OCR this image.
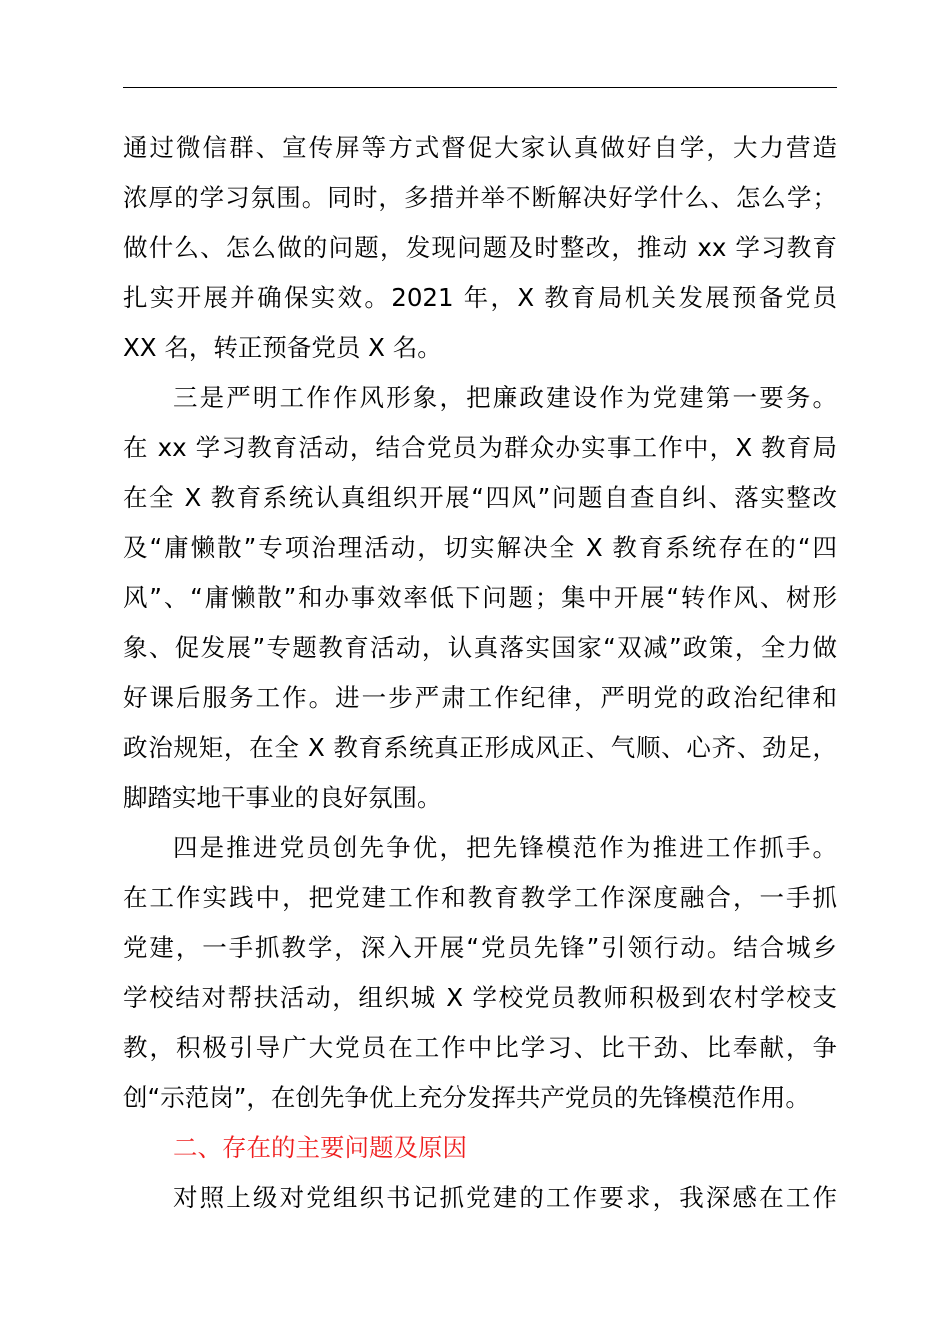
通过微信群、宣传屏等方式督促大家认真做好自学，大力营造
浓厚的学习氛围。同时，多措并举不断解决好学什么、怎么学；
做什么、怎么做的问题，发现问题及时整改，推动 xx 学习教育
扎实开展并确保实效。2021 年，X 教育局机关发展预备党员
XX 名，转正预备党员 X 名。
三是严明工作作风形象，把廉政建设作为党建第一要务。
在 xx 学习教育活动，结合党员为群众办实事工作中，X 教育局
在全 X 教育系统认真组织开展“四风”问题自查自纠、落实整改
及“庸懒散”专项治理活动，切实解决全 X 教育系统存在的“四
风”、“庸懒散”和办事效率低下问题；集中开展“转作风、树形
象、促发展”专题教育活动，认真落实国家“双减”政策，全力做
好课后服务工作。进一步严肃工作纪律，严明党的政治纪律和
政治规矩，在全 X 教育系统真正形成风正、气顺、心齐、劲足，
脚踏实地干事业的良好氛围。
四是推进党员创先争优，把先锋模范作为推进工作抓手。
在工作实践中，把党建工作和教育教学工作深度融合，一手抓
党建，一手抓教学，深入开展“党员先锋”引领行动。结合城乡
学校结对帮扶活动，组织城 X 学校党员教师积极到农村学校支
教，积极引导广大党员在工作中比学习、比干劲、比奉献，争
创“示范岗”，在创先争优上充分发挥共产党员的先锋模范作用。
二、存在的主要问题及原因
对照上级对党组织书记抓党建的工作要求，我深感在工作
